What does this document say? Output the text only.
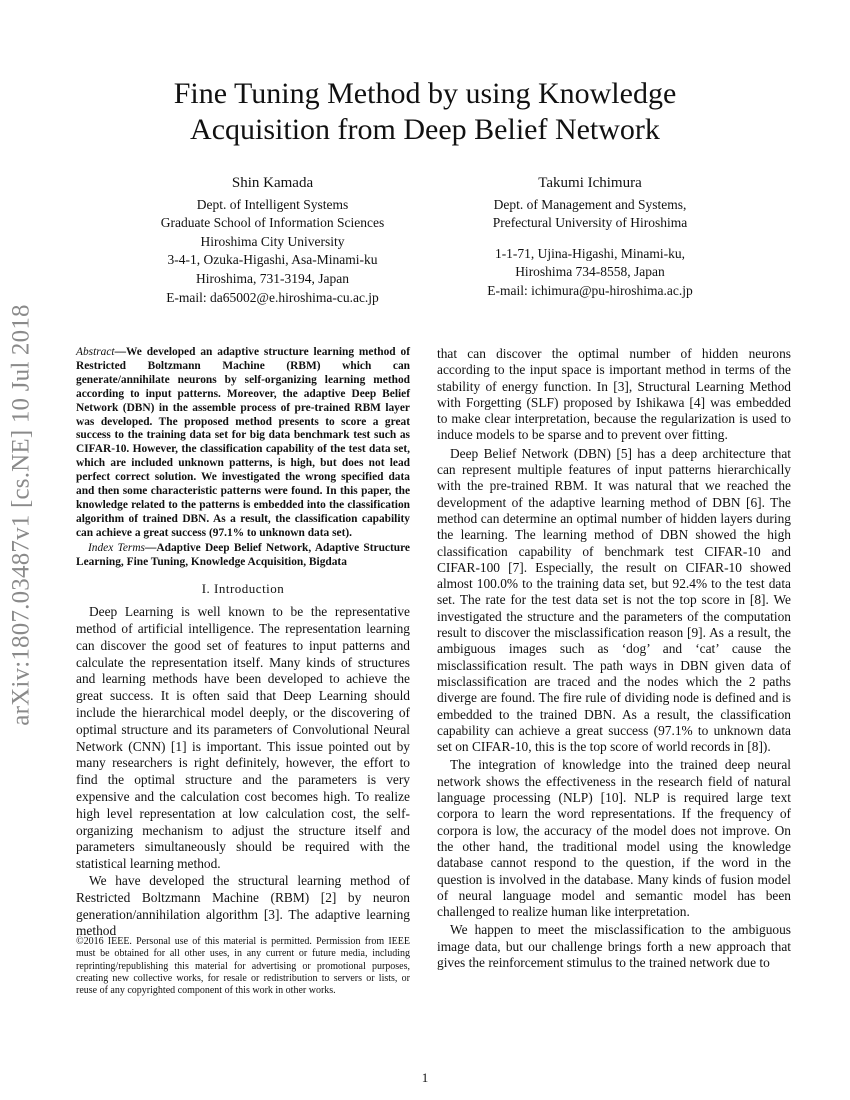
arXiv:1807.03487v1 [cs.NE] 10 Jul 2018
Fine Tuning Method by using Knowledge
Acquisition from Deep Belief Network
Shin Kamada
Dept. of Intelligent Systems
Graduate School of Information Sciences
Hiroshima City University
3-4-1, Ozuka-Higashi, Asa-Minami-ku
Hiroshima, 731-3194, Japan
E-mail: da65002@e.hiroshima-cu.ac.jp
Takumi Ichimura
Dept. of Management and Systems,
Prefectural University of Hiroshima
1-1-71, Ujina-Higashi, Minami-ku,
Hiroshima 734-8558, Japan
E-mail: ichimura@pu-hiroshima.ac.jp

Abstract—We developed an adaptive structure learning method of Restricted Boltzmann Machine (RBM) which can generate/annihilate neurons by self-organizing learning method according to input patterns. Moreover, the adaptive Deep Belief Network (DBN) in the assemble process of pre-trained RBM layer was developed. The proposed method presents to score a great success to the training data set for big data benchmark test such as CIFAR-10. However, the classification capability of the test data set, which are included unknown patterns, is high, but does not lead perfect correct solution. We investigated the wrong specified data and then some characteristic patterns were found. In this paper, the knowledge related to the patterns is embedded into the classification algorithm of trained DBN. As a result, the classification capability can achieve a great success (97.1% to unknown data set).

Index Terms—Adaptive Deep Belief Network, Adaptive Structure Learning, Fine Tuning, Knowledge Acquisition, Bigdata

I. Introduction

Deep Learning is well known to be the representative method of artificial intelligence. The representation learning can discover the good set of features to input patterns and calculate the representation itself. Many kinds of structures and learning methods have been developed to achieve the great success. It is often said that Deep Learning should include the hierarchical model deeply, or the discovering of optimal structure and its parameters of Convolutional Neural Network (CNN) [1] is important. This issue pointed out by many researchers is right definitely, however, the effort to find the optimal structure and the parameters is very expensive and the calculation cost becomes high. To realize high level representation at low calculation cost, the self-organizing mechanism to adjust the structure itself and parameters simultaneously should be required with the statistical learning method.

We have developed the structural learning method of Restricted Boltzmann Machine (RBM) [2] by neuron generation/annihilation algorithm [3]. The adaptive learning method

©2016 IEEE. Personal use of this material is permitted. Permission from IEEE must be obtained for all other uses, in any current or future media, including reprinting/republishing this material for advertising or promotional purposes, creating new collective works, for resale or redistribution to servers or lists, or reuse of any copyrighted component of this work in other works.

that can discover the optimal number of hidden neurons according to the input space is important method in terms of the stability of energy function. In [3], Structural Learning Method with Forgetting (SLF) proposed by Ishikawa [4] was embedded to make clear interpretation, because the regularization is used to induce models to be sparse and to prevent over fitting.

Deep Belief Network (DBN) [5] has a deep architecture that can represent multiple features of input patterns hierarchically with the pre-trained RBM. It was natural that we reached the development of the adaptive learning method of DBN [6]. The method can determine an optimal number of hidden layers during the learning. The learning method of DBN showed the high classification capability of benchmark test CIFAR-10 and CIFAR-100 [7]. Especially, the result on CIFAR-10 showed almost 100.0% to the training data set, but 92.4% to the test data set. The rate for the test data set is not the top score in [8]. We investigated the structure and the parameters of the computation result to discover the misclassification reason [9]. As a result, the ambiguous images such as ‘dog’ and ‘cat’ cause the misclassification result. The path ways in DBN given data of misclassification are traced and the nodes which the 2 paths diverge are found. The fire rule of dividing node is defined and is embedded to the trained DBN. As a result, the classification capability can achieve a great success (97.1% to unknown data set on CIFAR-10, this is the top score of world records in [8]).

The integration of knowledge into the trained deep neural network shows the effectiveness in the research field of natural language processing (NLP) [10]. NLP is required large text corpora to learn the word representations. If the frequency of corpora is low, the accuracy of the model does not improve. On the other hand, the traditional model using the knowledge database cannot respond to the question, if the word in the question is involved in the database. Many kinds of fusion model of neural language model and semantic model has been challenged to realize human like interpretation.

We happen to meet the misclassification to the ambiguous image data, but our challenge brings forth a new approach that gives the reinforcement stimulus to the trained network due to

1
